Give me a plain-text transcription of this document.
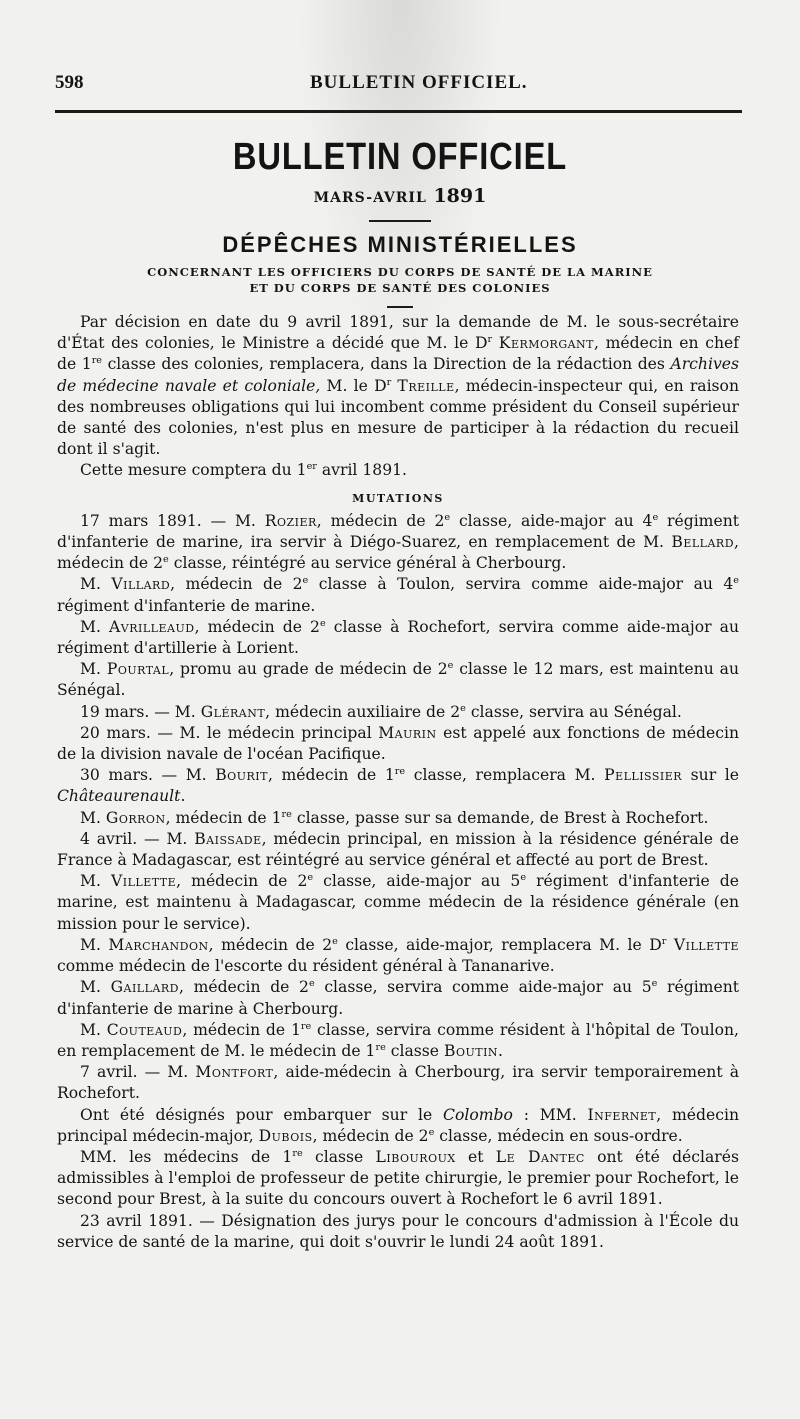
598	BULLETIN OFFICIEL.
BULLETIN OFFICIEL
MARS-AVRIL 1891
DÉPÊCHES MINISTÉRIELLES
CONCERNANT LES OFFICIERS DU CORPS DE SANTÉ DE LA MARINE
ET DU CORPS DE SANTÉ DES COLONIES

Par décision en date du 9 avril 1891, sur la demande de M. le sous-secrétaire d'État des colonies, le Ministre a décidé que M. le $D^r$ Kermorgant, médecin en chef de 1re classe des colonies, remplacera, dans la Direction de la rédaction des Archives de médecine navale et coloniale, M. le $D^r$ Treille, médecin-inspecteur qui, en raison des nombreuses obligations qui lui incombent comme président du Conseil supérieur de santé des colonies, n'est plus en mesure de participer à la rédaction du recueil dont il s'agit.

Cette mesure comptera du 1er avril 1891.

MUTATIONS

17 mars 1891. — M. Rozier, médecin de 2e classe, aide-major au 4e régiment d'infanterie de marine, ira servir à Diégo-Suarez, en remplacement de M. Bellard, médecin de 2e classe, réintégré au service général à Cherbourg.

M. Villard, médecin de 2e classe à Toulon, servira comme aide-major au 4e régiment d'infanterie de marine.

M. Avrilleaud, médecin de 2e classe à Rochefort, servira comme aide-major au régiment d'artillerie à Lorient.

M. Pourtal, promu au grade de médecin de 2e classe le 12 mars, est maintenu au Sénégal.

19 mars. — M. Glérant, médecin auxiliaire de 2e classe, servira au Sénégal.

20 mars. — M. le médecin principal Maurin est appelé aux fonctions de médecin de la division navale de l'océan Pacifique.

30 mars. — M. Bourit, médecin de 1re classe, remplacera M. Pellissier sur le Châteaurenault.

M. Gorron, médecin de 1re classe, passe sur sa demande, de Brest à Rochefort.

4 avril. — M. Baissade, médecin principal, en mission à la résidence générale de France à Madagascar, est réintégré au service général et affecté au port de Brest.

M. Villette, médecin de 2e classe, aide-major au 5e régiment d'infanterie de marine, est maintenu à Madagascar, comme médecin de la résidence générale (en mission pour le service).

M. Marchandon, médecin de 2e classe, aide-major, remplacera M. le $D^r$ Villette comme médecin de l'escorte du résident général à Tananarive.

M. Gaillard, médecin de 2e classe, servira comme aide-major au 5e régiment d'infanterie de marine à Cherbourg.

M. Couteaud, médecin de 1re classe, servira comme résident à l'hôpital de Toulon, en remplacement de M. le médecin de 1re classe Boutin.

7 avril. — M. Montfort, aide-médecin à Cherbourg, ira servir temporairement à Rochefort.

Ont été désignés pour embarquer sur le Colombo : MM. Infernet, médecin principal médecin-major, Dubois, médecin de 2e classe, médecin en sous-ordre.

MM. les médecins de 1re classe Libouroux et Le Dantec ont été déclarés admissibles à l'emploi de professeur de petite chirurgie, le premier pour Rochefort, le second pour Brest, à la suite du concours ouvert à Rochefort le 6 avril 1891.

23 avril 1891. — Désignation des jurys pour le concours d'admission à l'École du service de santé de la marine, qui doit s'ouvrir le lundi 24 août 1891.
